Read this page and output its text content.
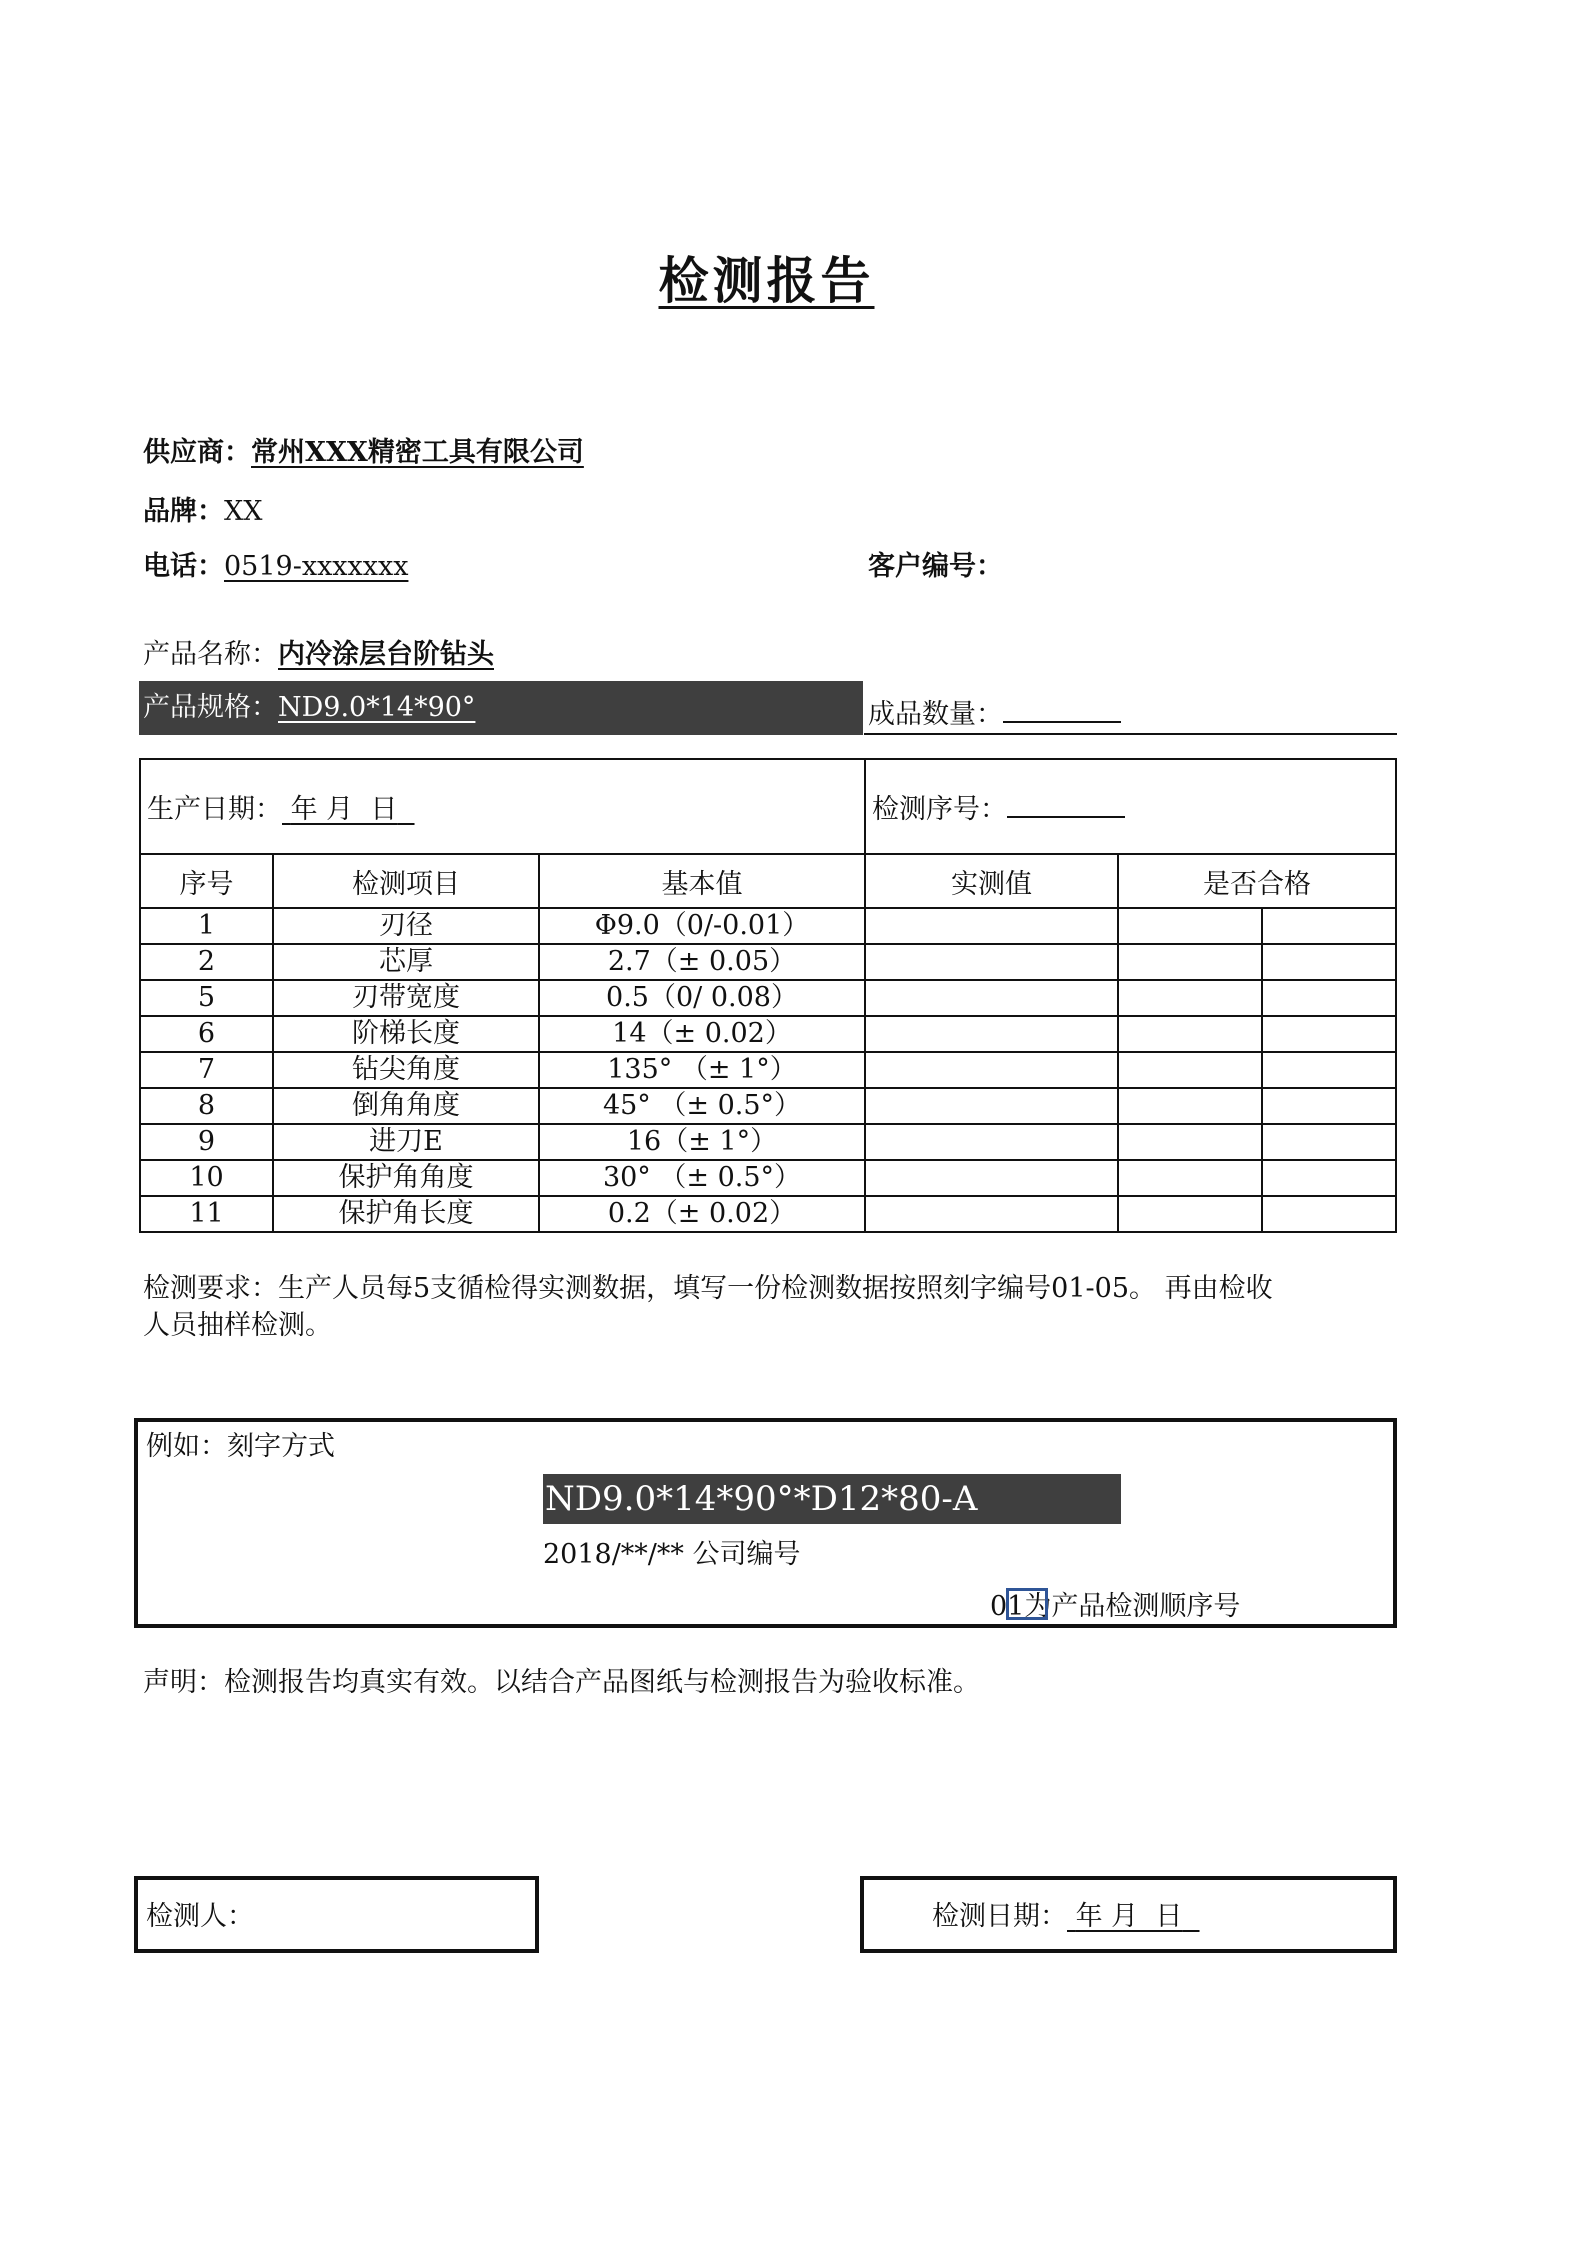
检测报告
供应商：常州XXX精密工具有限公司
品牌：XX
电话：0519-xxxxxxx	客户编号：
产品名称：内冷涂层台阶钻头
产品规格：ND9.0*14*90°	成品数量：
生产日期： 年 月  日			检测序号：		
序号	检测项目	基本值	实测值	是否合格	
1	刃径	Φ9.0（0/-0.01）			
2	芯厚	2.7（± 0.05）			
5	刃带宽度	0.5（0/ 0.08）			
6	阶梯长度	14（± 0.02）			
7	钻尖角度	135° （± 1°）			
8	倒角角度	45° （± 0.5°）			
9	进刀E	16（± 1°）			
10	保护角角度	30° （± 0.5°）			
11	保护角长度	0.2（± 0.02）			
检测要求：生产人员每5支循检得实测数据，填写一份检测数据按照刻字编号01-05。 再由检收
人员抽样检测。
例如：刻字方式
ND9.0*14*90°*D12*80-A
2018/**/** 公司编号
01为产品检测顺序号
声明：检测报告均真实有效。以结合产品图纸与检测报告为验收标准。
检测人：	检测日期： 年 月  日
